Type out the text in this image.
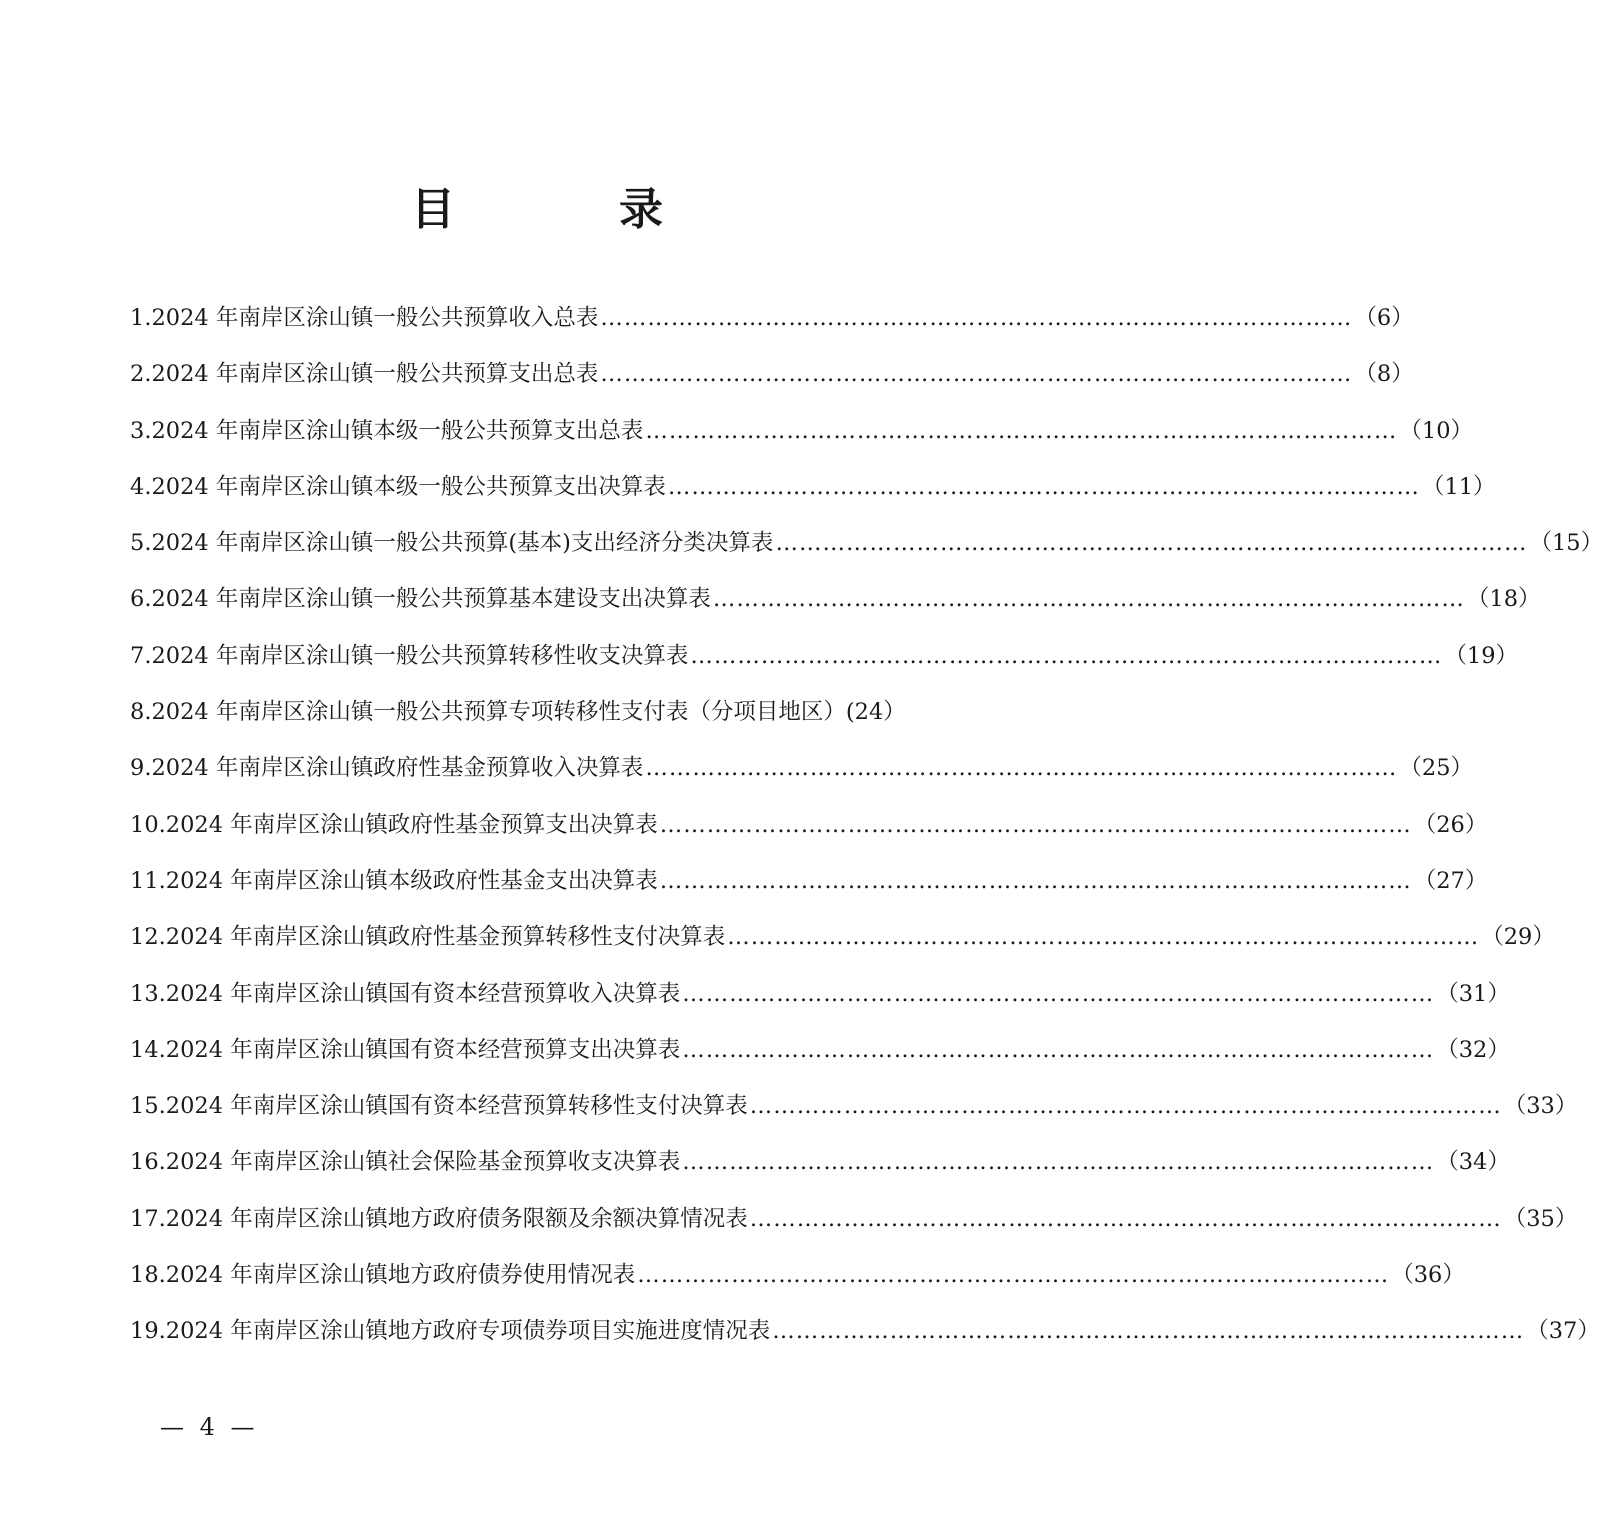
目　录
1.2024 年南岸区涂山镇一般公共预算收入总表 …………………………………………………………………………………… （6）
2.2024 年南岸区涂山镇一般公共预算支出总表 …………………………………………………………………………………… （8）
3.2024 年南岸区涂山镇本级一般公共预算支出总表 …………………………………………………………………………………… （10）
4.2024 年南岸区涂山镇本级一般公共预算支出决算表 …………………………………………………………………………………… （11）
5.2024 年南岸区涂山镇一般公共预算(基本)支出经济分类决算表 …………………………………………………………………………………… （15）
6.2024 年南岸区涂山镇一般公共预算基本建设支出决算表 …………………………………………………………………………………… （18）
7.2024 年南岸区涂山镇一般公共预算转移性收支决算表 …………………………………………………………………………………… （19）
8.2024 年南岸区涂山镇一般公共预算专项转移性支付表（分项目地区） (24）
9.2024 年南岸区涂山镇政府性基金预算收入决算表 …………………………………………………………………………………… （25）
10.2024 年南岸区涂山镇政府性基金预算支出决算表 …………………………………………………………………………………… （26）
11.2024 年南岸区涂山镇本级政府性基金支出决算表 …………………………………………………………………………………… （27）
12.2024 年南岸区涂山镇政府性基金预算转移性支付决算表 …………………………………………………………………………………… （29）
13.2024 年南岸区涂山镇国有资本经营预算收入决算表 …………………………………………………………………………………… （31）
14.2024 年南岸区涂山镇国有资本经营预算支出决算表 …………………………………………………………………………………… （32）
15.2024 年南岸区涂山镇国有资本经营预算转移性支付决算表 …………………………………………………………………………………… （33）
16.2024 年南岸区涂山镇社会保险基金预算收支决算表 …………………………………………………………………………………… （34）
17.2024 年南岸区涂山镇地方政府债务限额及余额决算情况表 …………………………………………………………………………………… （35）
18.2024 年南岸区涂山镇地方政府债券使用情况表 …………………………………………………………………………………… （36）
19.2024 年南岸区涂山镇地方政府专项债券项目实施进度情况表 …………………………………………………………………………………… （37）
— 4 —
